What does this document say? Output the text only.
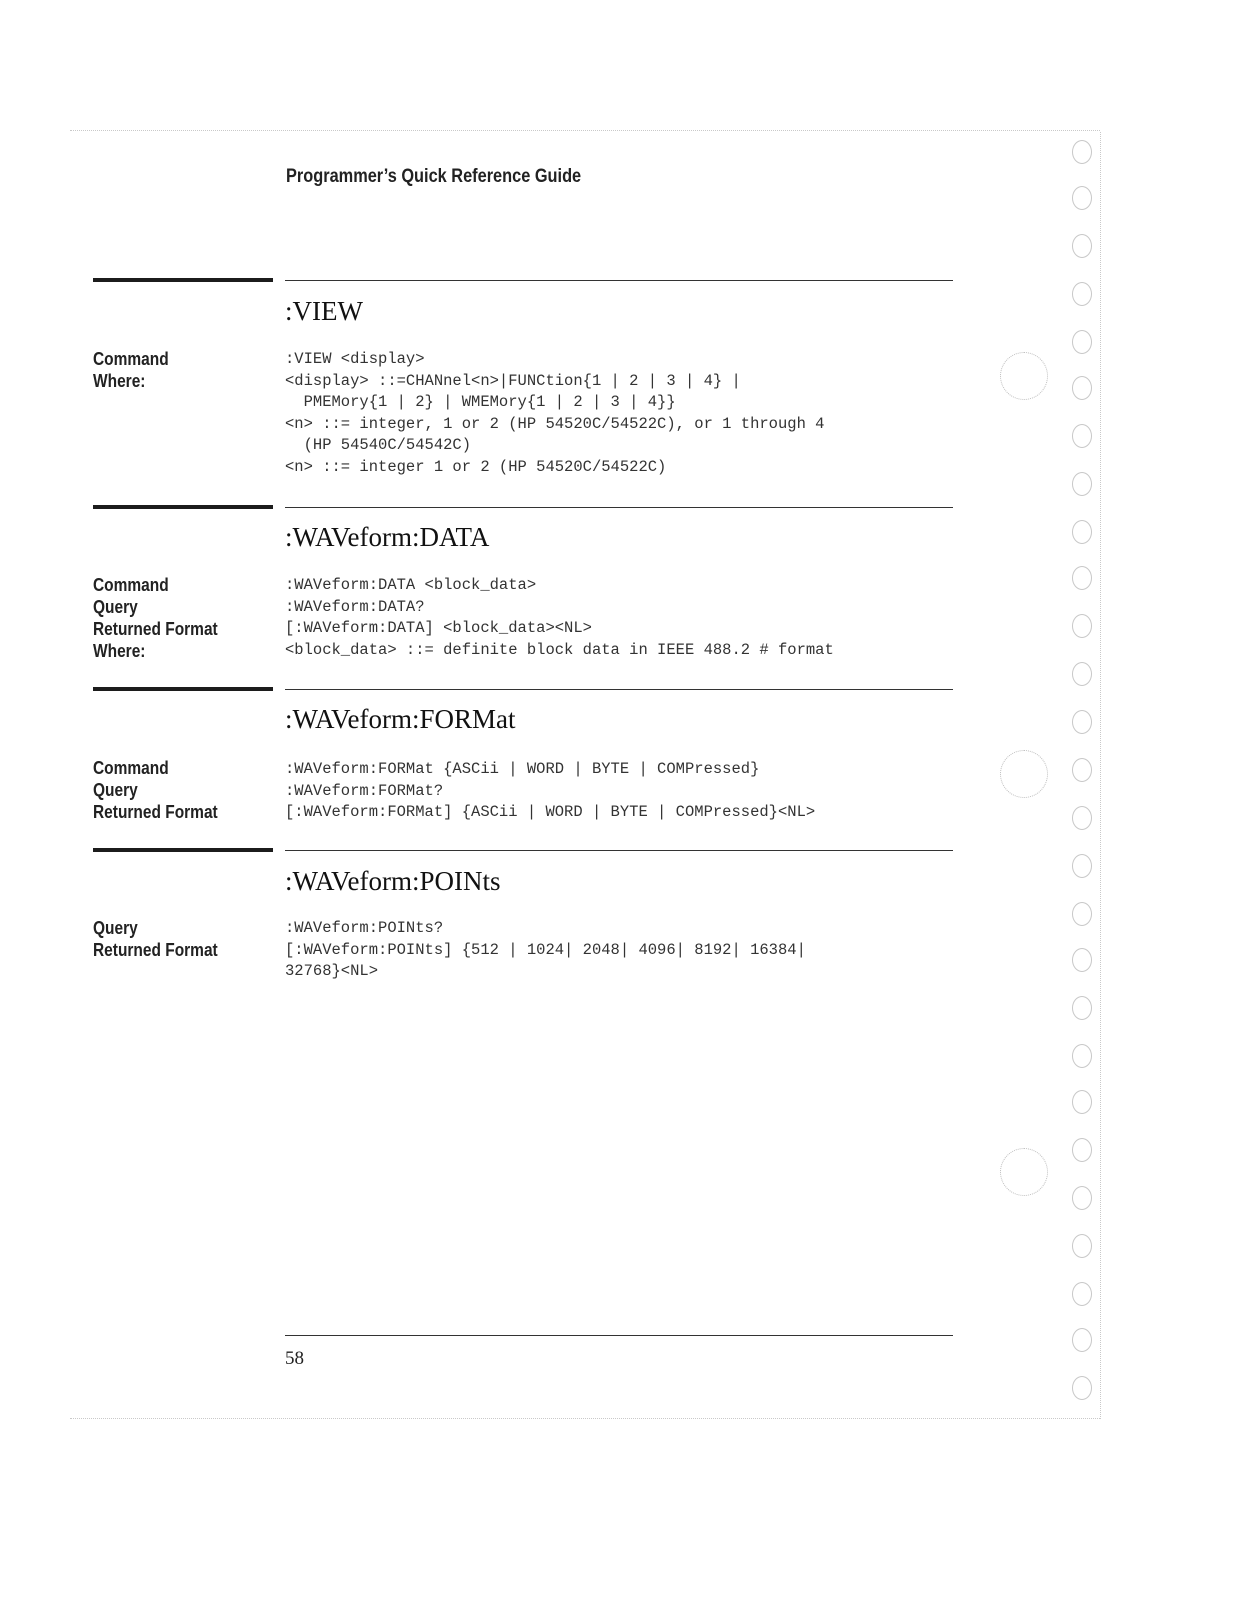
Programmer’s Quick Reference Guide
:VIEW
Command
Where:
:VIEW <display>
<display> ::=CHANnel<n>|FUNCtion{1 | 2 | 3 | 4} |
PMEMory{1 | 2} | WMEMory{1 | 2 | 3 | 4}}
<n> ::= integer, 1 or 2 (HP 54520C/54522C), or 1 through 4
(HP 54540C/54542C)
<n> ::= integer 1 or 2 (HP 54520C/54522C)
:WAVeform:DATA
Command
Query
Returned Format
Where:
:WAVeform:DATA <block_data>
:WAVeform:DATA?
[:WAVeform:DATA] <block_data><NL>
<block_data> ::= definite block data in IEEE 488.2 # format
:WAVeform:FORMat
Command
Query
Returned Format
:WAVeform:FORMat {ASCii | WORD | BYTE | COMPressed}
:WAVeform:FORMat?
[:WAVeform:FORMat] {ASCii | WORD | BYTE | COMPressed}<NL>
:WAVeform:POINts
Query
Returned Format
:WAVeform:POINts?
[:WAVeform:POINts] {512 | 1024| 2048| 4096| 8192| 16384|
32768}<NL>
58
